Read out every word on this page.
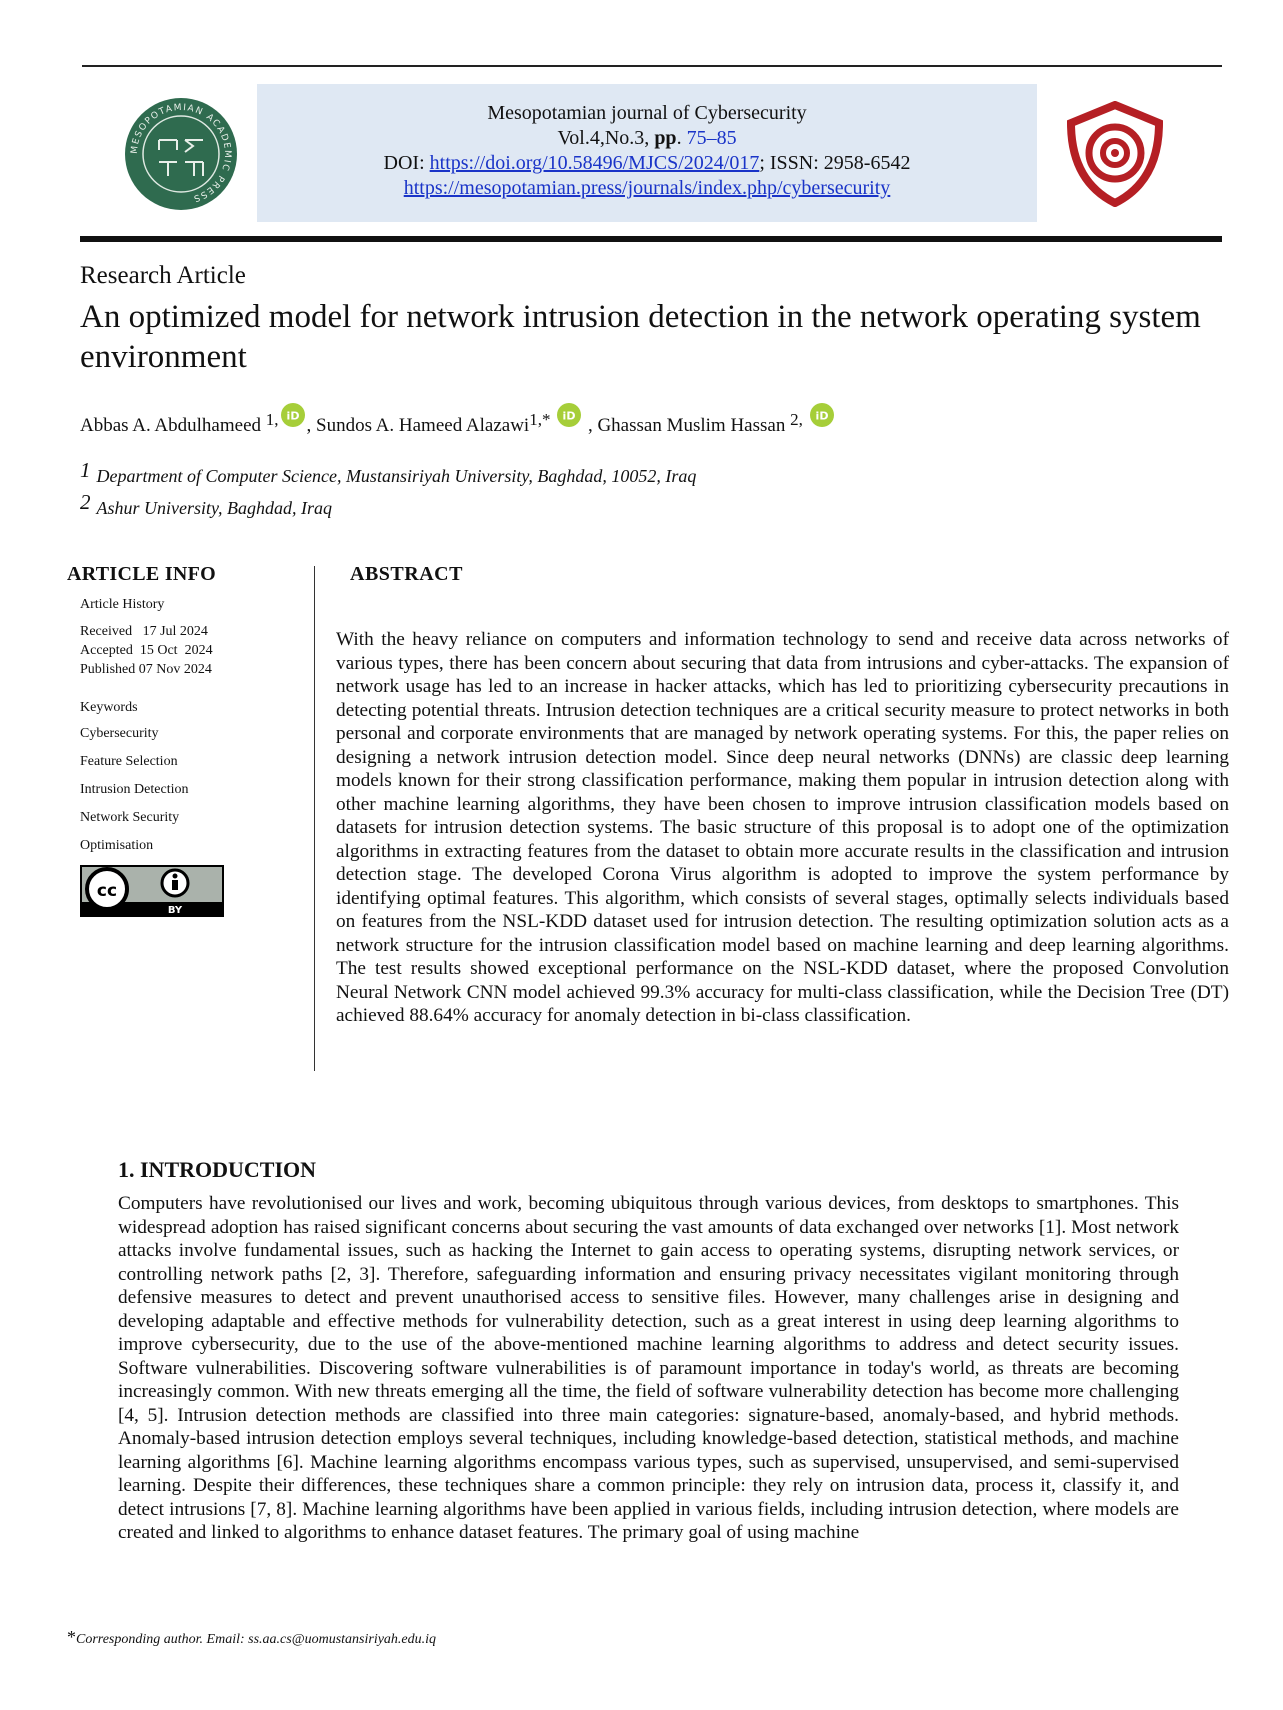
MESOPOTAMIAN ACADEMIC PRESS
Mesopotamian journal of Cybersecurity
Vol.4,No.3, pp. 75–85
DOI: https://doi.org/10.58496/MJCS/2024/017; ISSN: 2958-6542
https://mesopotamian.press/journals/index.php/cybersecurity
Research Article
An optimized model for network intrusion detection in the network operating system environment
Abbas A. Abdulhameed $^{1,}$ iD , Sundos A. Hameed Alazawi$^{1,*}$ iD , Ghassan Muslim Hassan $^{2,}$ iD
1 Department of Computer Science, Mustansiriyah University, Baghdad, 10052, Iraq
2 Ashur University, Baghdad, Iraq
ARTICLE INFO
Article History
Received   17 Jul 2024
Accepted  15 Oct  2024
Published 07 Nov 2024
Keywords
Cybersecurity
Feature Selection
Intrusion Detection
Network Security
Optimisation
cc
BY
ABSTRACT
With the heavy reliance on computers and information technology to send and receive data across networks of various types, there has been concern about securing that data from intrusions and cyber-attacks. The expansion of network usage has led to an increase in hacker attacks, which has led to prioritizing cybersecurity precautions in detecting potential threats. Intrusion detection techniques are a critical security measure to protect networks in both personal and corporate environments that are managed by network operating systems. For this, the paper relies on designing a network intrusion detection model. Since deep neural networks (DNNs) are classic deep learning models known for their strong classification performance, making them popular in intrusion detection along with other machine learning algorithms, they have been chosen to improve intrusion classification models based on datasets for intrusion detection systems. The basic structure of this proposal is to adopt one of the optimization algorithms in extracting features from the dataset to obtain more accurate results in the classification and intrusion detection stage. The developed Corona Virus algorithm is adopted to improve the system performance by identifying optimal features. This algorithm, which consists of several stages, optimally selects individuals based on features from the NSL-KDD dataset used for intrusion detection. The resulting optimization solution acts as a network structure for the intrusion classification model based on machine learning and deep learning algorithms. The test results showed exceptional performance on the NSL-KDD dataset, where the proposed Convolution Neural Network CNN model achieved 99.3% accuracy for multi-class classification, while the Decision Tree (DT) achieved 88.64% accuracy for anomaly detection in bi-class classification.
1. INTRODUCTION
Computers have revolutionised our lives and work, becoming ubiquitous through various devices, from desktops to smartphones. This widespread adoption has raised significant concerns about securing the vast amounts of data exchanged over networks [1]. Most network attacks involve fundamental issues, such as hacking the Internet to gain access to operating systems, disrupting network services, or controlling network paths [2, 3]. Therefore, safeguarding information and ensuring privacy necessitates vigilant monitoring through defensive measures to detect and prevent unauthorised access to sensitive files. However, many challenges arise in designing and developing adaptable and effective methods for vulnerability detection, such as a great interest in using deep learning algorithms to improve cybersecurity, due to the use of the above-mentioned machine learning algorithms to address and detect security issues. Software vulnerabilities. Discovering software vulnerabilities is of paramount importance in today's world, as threats are becoming increasingly common. With new threats emerging all the time, the field of software vulnerability detection has become more challenging [4, 5]. Intrusion detection methods are classified into three main categories: signature-based, anomaly-based, and hybrid methods. Anomaly-based intrusion detection employs several techniques, including knowledge-based detection, statistical methods, and machine learning algorithms [6]. Machine learning algorithms encompass various types, such as supervised, unsupervised, and semi-supervised learning. Despite their differences, these techniques share a common principle: they rely on intrusion data, process it, classify it, and detect intrusions [7, 8]. Machine learning algorithms have been applied in various fields, including intrusion detection, where models are created and linked to algorithms to enhance dataset features. The primary goal of using machine
*Corresponding author. Email: ss.aa.cs@uomustansiriyah.edu.iq
